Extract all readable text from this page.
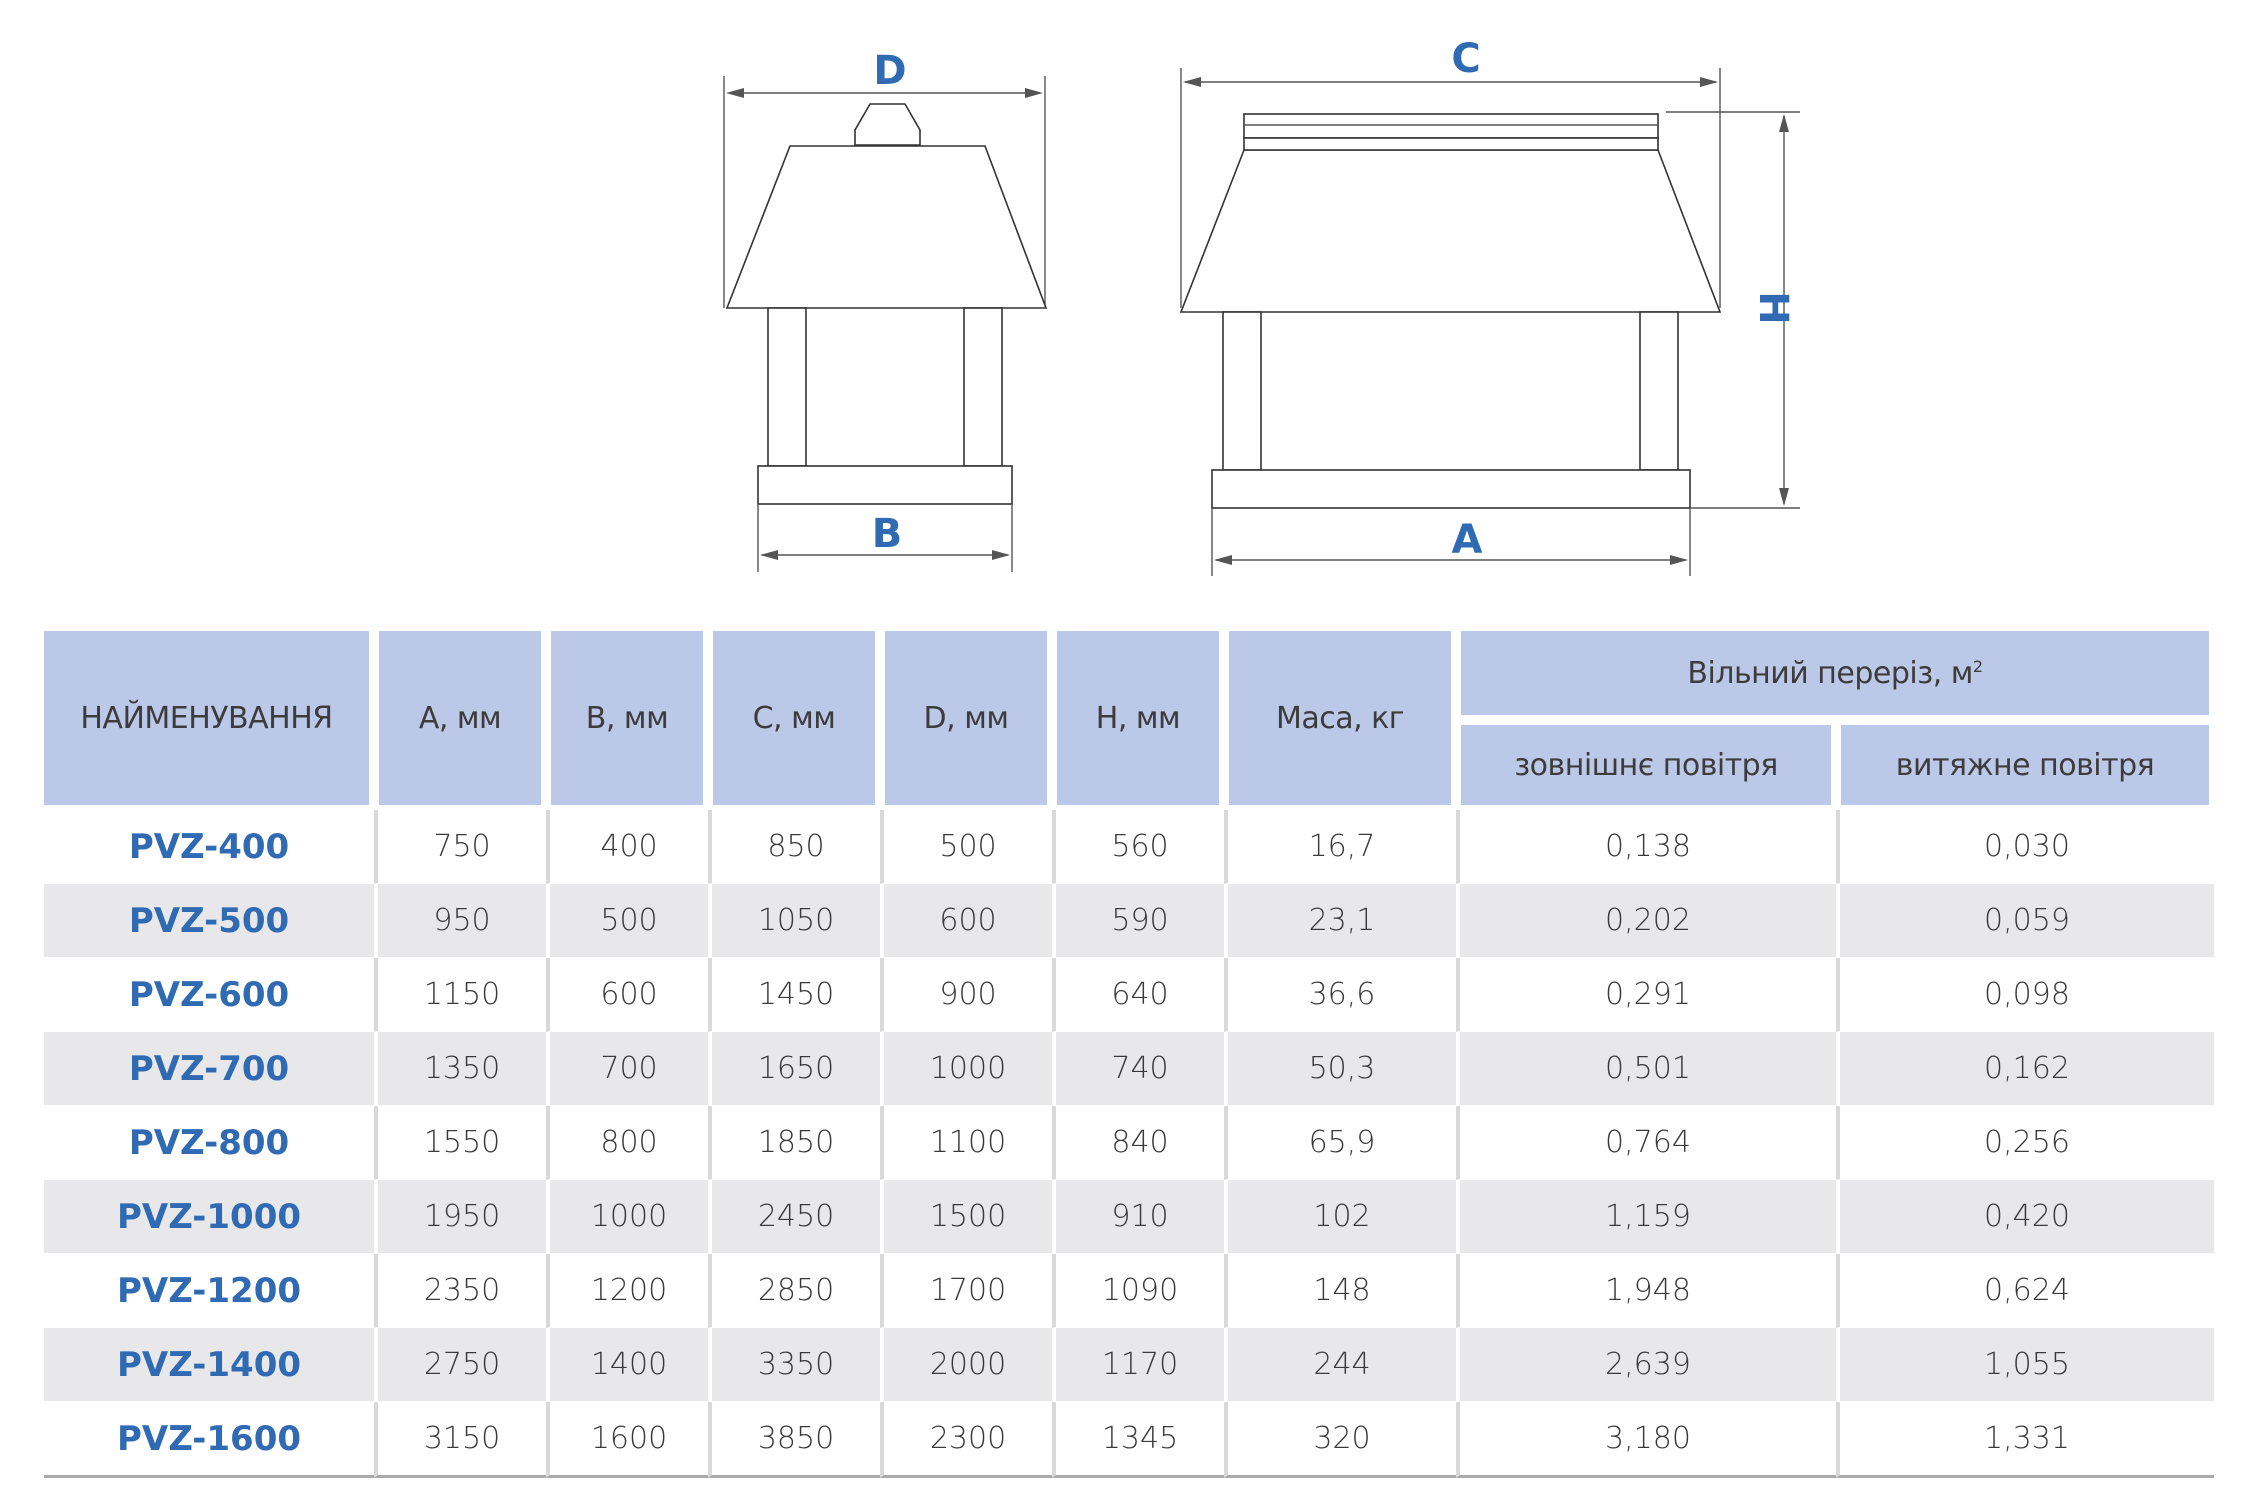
D
B
C
H
A
НАЙМЕНУВАННЯ	A, мм	B, мм	C, мм	D, мм	H, мм	Маса, кг	Вільний переріз, $м^2$
							зовнішнє повітря	витяжне повітря
PVZ-400	750	400	850	500	560	16,7	0,138	0,030
PVZ-500	950	500	1050	600	590	23,1	0,202	0,059
PVZ-600	1150	600	1450	900	640	36,6	0,291	0,098
PVZ-700	1350	700	1650	1000	740	50,3	0,501	0,162
PVZ-800	1550	800	1850	1100	840	65,9	0,764	0,256
PVZ-1000	1950	1000	2450	1500	910	102	1,159	0,420
PVZ-1200	2350	1200	2850	1700	1090	148	1,948	0,624
PVZ-1400	2750	1400	3350	2000	1170	244	2,639	1,055
PVZ-1600	3150	1600	3850	2300	1345	320	3,180	1,331
